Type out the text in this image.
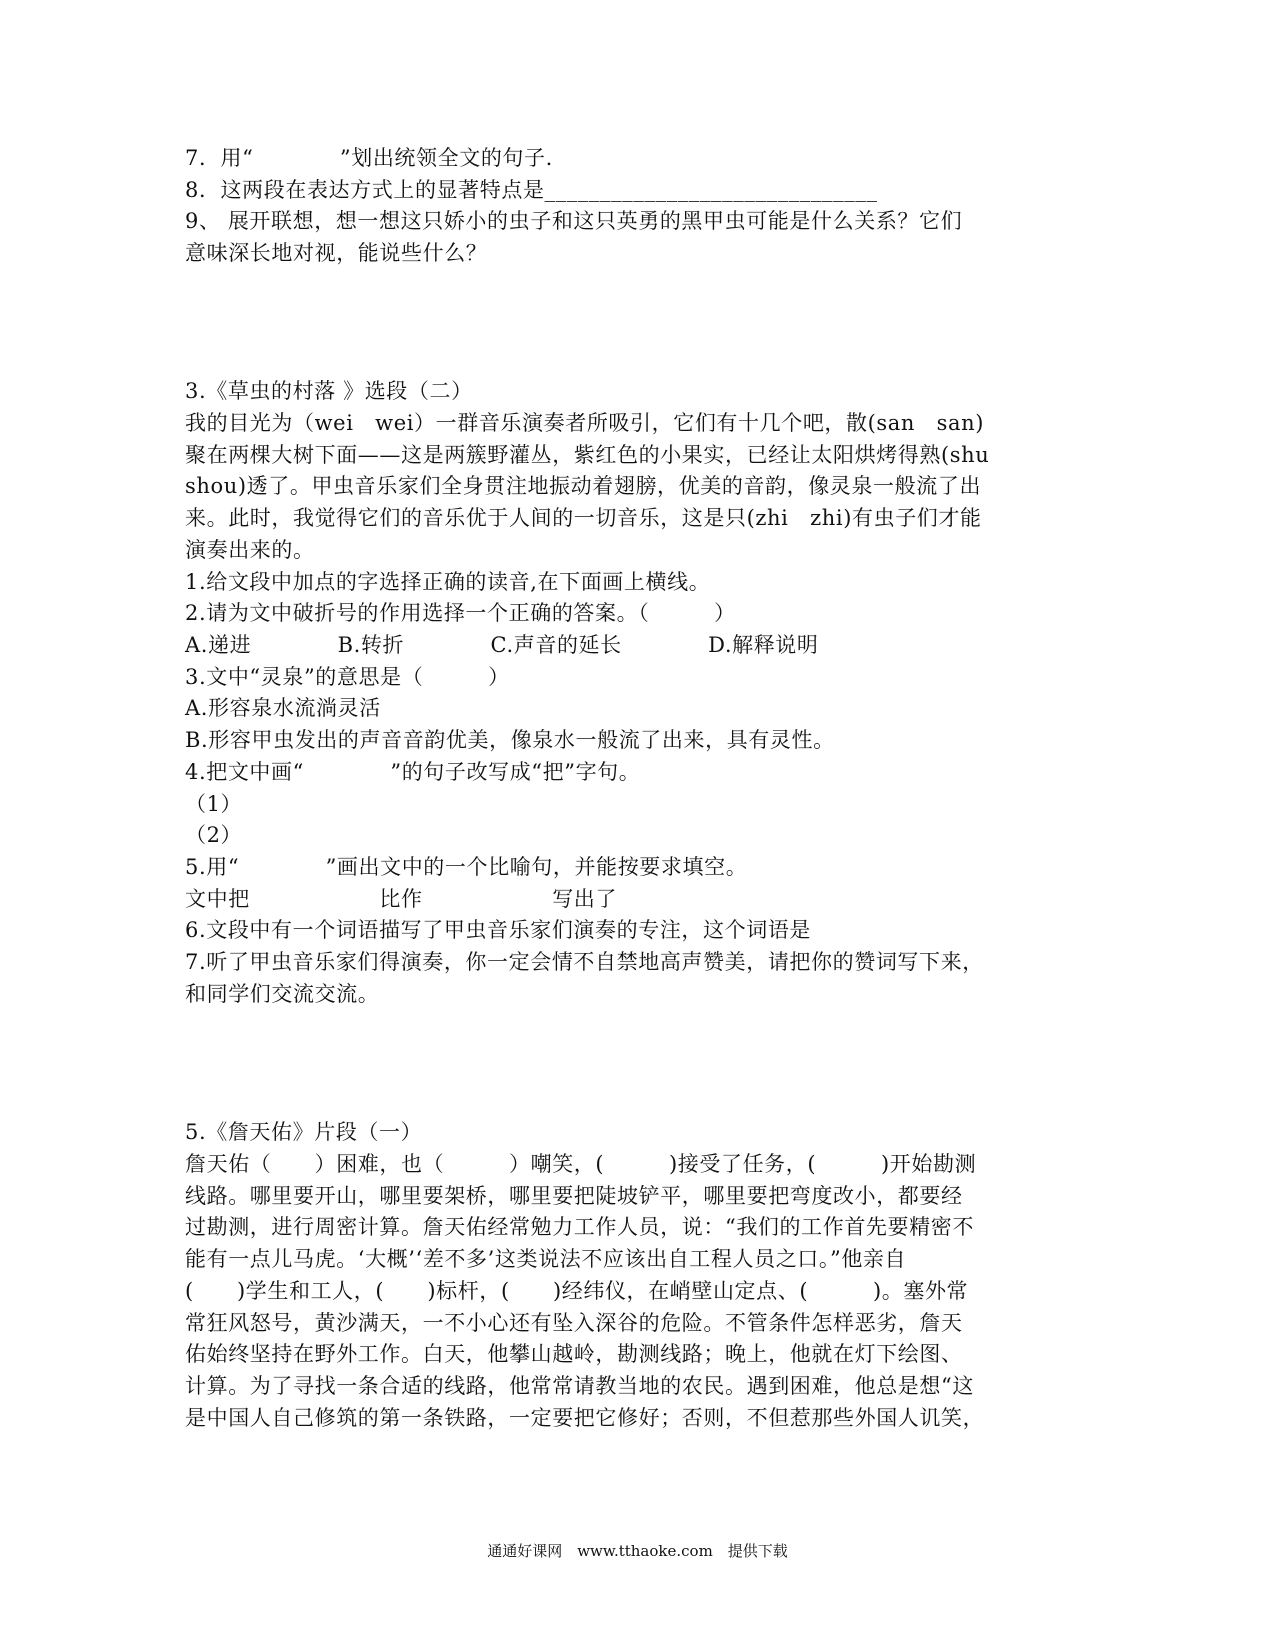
7．用“　　　　”划出统领全文的句子.
8．这两段在表达方式上的显著特点是______________________________
9、 展开联想，想一想这只娇小的虫子和这只英勇的黑甲虫可能是什么关系？它们
意味深长地对视，能说些什么？
3.《草虫的村落 》选段（二）
我的目光为（wei　wei）一群音乐演奏者所吸引，它们有十几个吧，散(san　san)
聚在两棵大树下面——这是两簇野灌丛，紫红色的小果实，已经让太阳烘烤得熟(shu
shou)透了。甲虫音乐家们全身贯注地振动着翅膀，优美的音韵，像灵泉一般流了出
来。此时，我觉得它们的音乐优于人间的一切音乐，这是只(zhi　zhi)有虫子们才能
演奏出来的。
1.给文段中加点的字选择正确的读音,在下面画上横线。
2.请为文中破折号的作用选择一个正确的答案。（　　　）
A.递进　　　　B.转折　　　　C.声音的延长　　　　D.解释说明
3.文中“灵泉”的意思是（　　　）
A.形容泉水流淌灵活
B.形容甲虫发出的声音音韵优美，像泉水一般流了出来，具有灵性。
4.把文中画“　　　　”的句子改写成“把”字句。
（1）
（2）
5.用“　　　　”画出文中的一个比喻句，并能按要求填空。
文中把　　　　　　比作　　　　　　写出了
6.文段中有一个词语描写了甲虫音乐家们演奏的专注，这个词语是
7.听了甲虫音乐家们得演奏，你一定会情不自禁地高声赞美，请把你的赞词写下来，
和同学们交流交流。
5.《詹天佑》片段（一）
詹天佑（　　）困难，也（　　　）嘲笑，(　　　)接受了任务，(　　　)开始勘测
线路。哪里要开山，哪里要架桥，哪里要把陡坡铲平，哪里要把弯度改小，都要经
过勘测，进行周密计算。詹天佑经常勉力工作人员，说：“我们的工作首先要精密不
能有一点儿马虎。‘大概’‘差不多’这类说法不应该出自工程人员之口。”他亲自
(　　)学生和工人，(　　)标杆，(　　)经纬仪，在峭壁山定点、(　　　)。塞外常
常狂风怒号，黄沙满天，一不小心还有坠入深谷的危险。不管条件怎样恶劣，詹天
佑始终坚持在野外工作。白天，他攀山越岭，勘测线路；晚上，他就在灯下绘图、
计算。为了寻找一条合适的线路，他常常请教当地的农民。遇到困难，他总是想“这
是中国人自己修筑的第一条铁路，一定要把它修好；否则，不但惹那些外国人讥笑，
通通好课网　www.tthaoke.com　提供下载
